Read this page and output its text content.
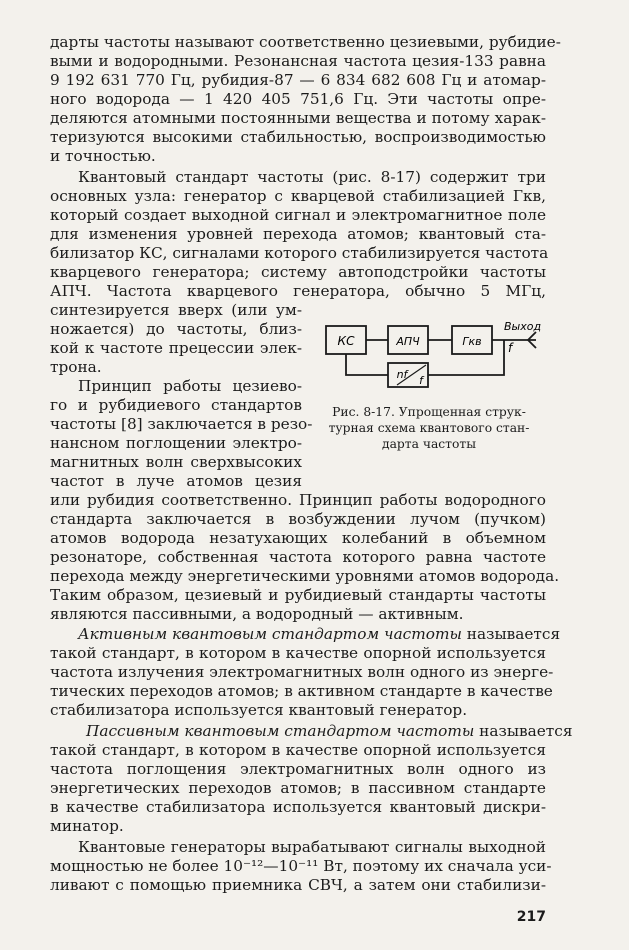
дарты частоты называют соответственно цезиевыми, рубидие-
выми и водородными. Резонансная частота цезия-133 равна
9 192 631 770 Гц, рубидия-87 — 6 834 682 608 Гц и атомар-
ного водорода — 1 420 405 751,6 Гц. Эти частоты опре-
деляются атомными постоянными вещества и потому харак-
теризуются высокими стабильностью, воспроизводимостью
и точностью.
Квантовый стандарт частоты (рис. 8-17) содержит три
основных узла: генератор с кварцевой стабилизацией Гкв,
который создает выходной сигнал и электромагнитное поле
для изменения уровней перехода атомов; квантовый ста-
билизатор КС, сигналами которого стабилизируется частота
кварцевого генератора; систему автоподстройки частоты
АПЧ. Частота кварцевого генератора, обычно 5 МГц,
синтезируется вверх (или ум-
ножается) до частоты, близ-
кой к частоте прецессии элек-
трона.
Принцип работы цезиево-
го и рубидиевого стандартов
частоты [8] заключается в резо-
нансном поглощении электро-
магнитных волн сверхвысоких
частот в луче атомов цезия
КС	АПЧ	Гкв
nf f
Выход
f
Рис. 8-17. Упрощенная струк-
турная схема квантового стан-
дарта частоты
или рубидия соответственно. Принцип работы водородного
стандарта заключается в возбуждении лучом (пучком)
атомов водорода незатухающих колебаний в объемном
резонаторе, собственная частота которого равна частоте
перехода между энергетическими уровнями атомов водорода.
Таким образом, цезиевый и рубидиевый стандарты частоты
являются пассивными, а водородный — активным.
Активным квантовым стандартом частоты называется
такой стандарт, в котором в качестве опорной используется
частота излучения электромагнитных волн одного из энерге-
тических переходов атомов; в активном стандарте в качестве
стабилизатора используется квантовый генератор.
Пассивным квантовым стандартом частоты называется
такой стандарт, в котором в качестве опорной используется
частота поглощения электромагнитных волн одного из
энергетических переходов атомов; в пассивном стандарте
в качестве стабилизатора используется квантовый дискри-
минатор.
Квантовые генераторы вырабатывают сигналы выходной
мощностью не более 10⁻¹²—10⁻¹¹ Вт, поэтому их сначала уси-
ливают с помощью приемника СВЧ, а затем они стабилизи-
217
